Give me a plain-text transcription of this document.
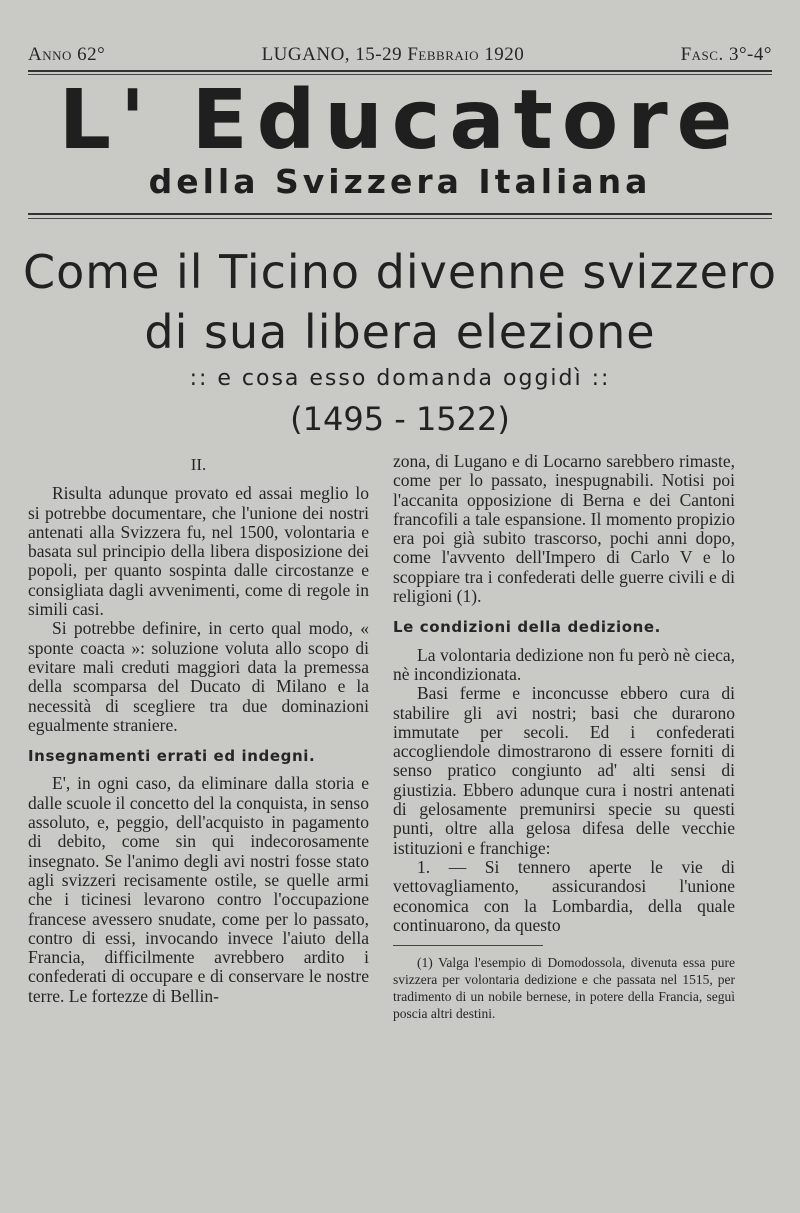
Anno 62°	LUGANO, 15-29 Febbraio 1920	Fasc. 3°-4°
L' Educatore
della Svizzera Italiana
Come il Ticino divenne svizzero
di sua libera elezione
:: e cosa esso domanda oggidì ::
(1495 - 1522)

II.

Risulta adunque provato ed assai meglio lo si potrebbe documentare, che l'unione dei nostri antenati alla Svizzera fu, nel 1500, volontaria e basata sul principio della libera disposizione dei popoli, per quanto sospinta dalle circostanze e consigliata dagli avvenimenti, come di regole in simili casi.

Si potrebbe definire, in certo qual modo, « sponte coacta »: soluzione voluta allo scopo di evitare mali creduti maggiori data la premessa della scomparsa del Ducato di Milano e la necessità di scegliere tra due dominazioni egualmente straniere.

Insegnamenti errati ed indegni.

E', in ogni caso, da eliminare dalla storia e dalle scuole il concetto del la conquista, in senso assoluto, e, peggio, dell'acquisto in pagamento di debito, come sin qui indecorosamente insegnato. Se l'animo degli avi nostri fosse stato agli svizzeri recisamente ostile, se quelle armi che i ticinesi levarono contro l'occupazione francese avessero snudate, come per lo passato, contro di essi, invocando invece l'aiuto della Francia, difficilmente avrebbero ardito i confederati di occupare e di conservare le nostre terre. Le fortezze di Bellin-

zona, di Lugano e di Locarno sarebbero rimaste, come per lo passato, inespugnabili. Notisi poi l'accanita opposizione di Berna e dei Cantoni francofili a tale espansione. Il momento propizio era poi già subito trascorso, pochi anni dopo, come l'avvento dell'Impero di Carlo V e lo scoppiare tra i confederati delle guerre civili e di religioni (1).

Le condizioni della dedizione.

La volontaria dedizione non fu però nè cieca, nè incondizionata.

Basi ferme e inconcusse ebbero cura di stabilire gli avi nostri; basi che durarono immutate per secoli. Ed i confederati accogliendole dimostrarono di essere forniti di senso pratico congiunto ad' alti sensi di giustizia. Ebbero adunque cura i nostri antenati di gelosamente premunirsi specie su questi punti, oltre alla gelosa difesa delle vecchie istituzioni e franchige:

1. — Si tennero aperte le vie di vettovagliamento, assicurandosi l'unione economica con la Lombardia, della quale continuarono, da questo

(1) Valga l'esempio di Domodossola, divenuta essa pure svizzera per volontaria dedizione e che passata nel 1515, per tradimento di un nobile bernese, in potere della Francia, seguì poscia altri destini.
